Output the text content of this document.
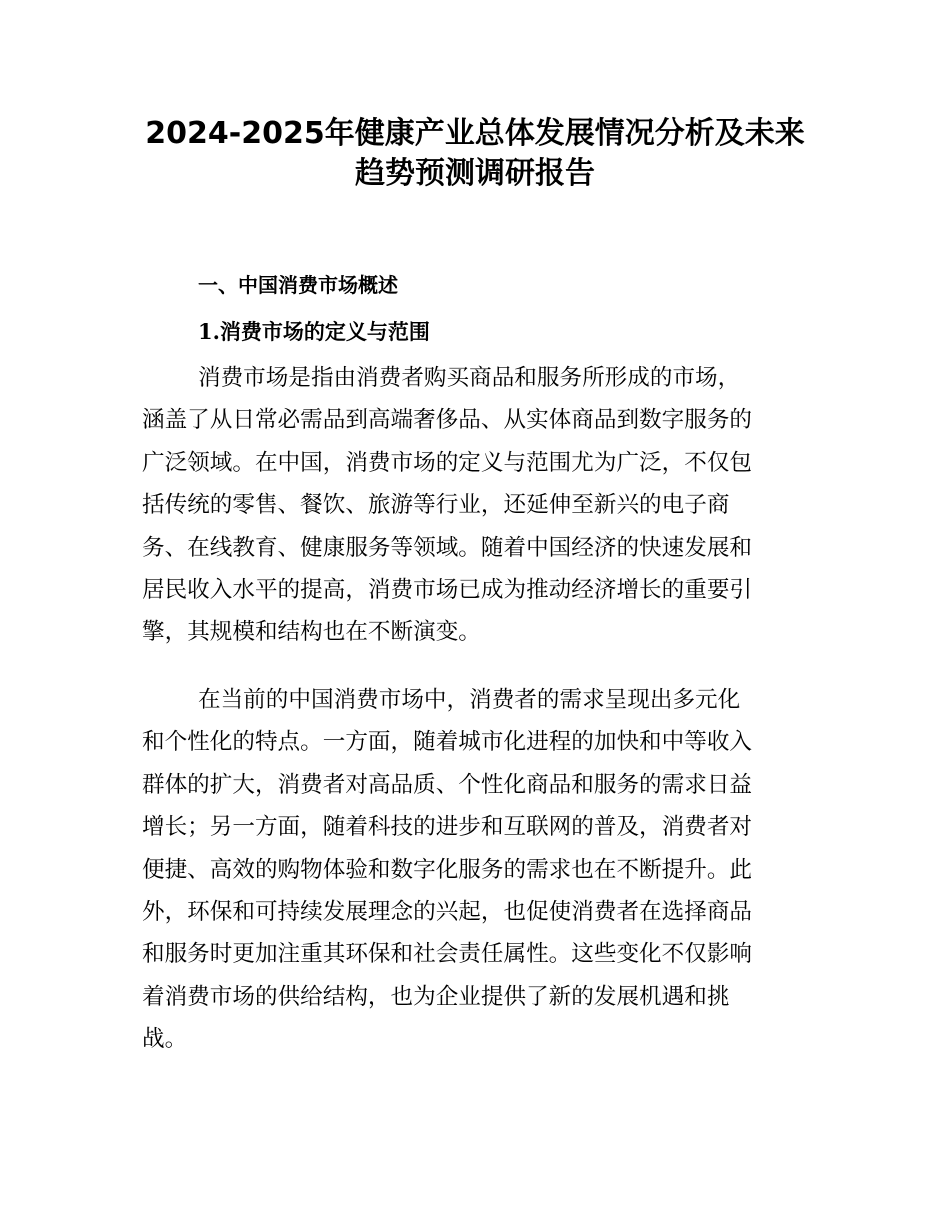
2024-2025年健康产业总体发展情况分析及未来
趋势预测调研报告
一、中国消费市场概述
1.消费市场的定义与范围

消费市场是指由消费者购买商品和服务所形成的市场，
涵盖了从日常必需品到高端奢侈品、从实体商品到数字服务的
广泛领域。在中国，消费市场的定义与范围尤为广泛，不仅包
括传统的零售、餐饮、旅游等行业，还延伸至新兴的电子商
务、在线教育、健康服务等领域。随着中国经济的快速发展和
居民收入水平的提高，消费市场已成为推动经济增长的重要引
擎，其规模和结构也在不断演变。

在当前的中国消费市场中，消费者的需求呈现出多元化
和个性化的特点。一方面，随着城市化进程的加快和中等收入
群体的扩大，消费者对高品质、个性化商品和服务的需求日益
增长；另一方面，随着科技的进步和互联网的普及，消费者对
便捷、高效的购物体验和数字化服务的需求也在不断提升。此
外，环保和可持续发展理念的兴起，也促使消费者在选择商品
和服务时更加注重其环保和社会责任属性。这些变化不仅影响
着消费市场的供给结构，也为企业提供了新的发展机遇和挑
战。
